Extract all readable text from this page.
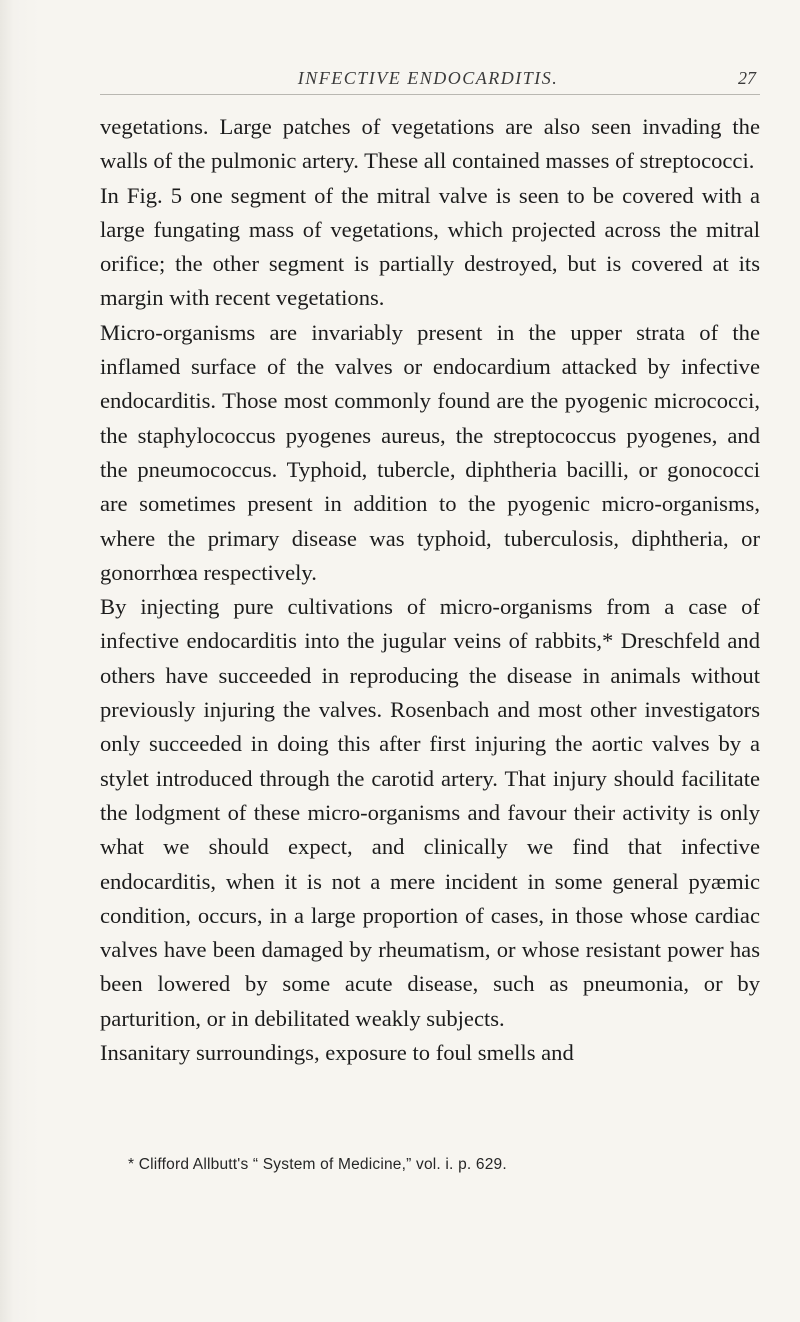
INFECTIVE ENDOCARDITIS.	27

vegetations. Large patches of vegetations are also seen invading the walls of the pulmonic artery. These all contained masses of streptococci.

In Fig. 5 one segment of the mitral valve is seen to be covered with a large fungating mass of vegetations, which projected across the mitral orifice; the other segment is partially destroyed, but is covered at its margin with recent vegetations.

Micro-organisms are invariably present in the upper strata of the inflamed surface of the valves or endocardium attacked by infective endocarditis. Those most commonly found are the pyogenic micrococci, the staphylococcus pyogenes aureus, the streptococcus pyogenes, and the pneumococcus. Typhoid, tubercle, diphtheria bacilli, or gonococci are sometimes present in addition to the pyogenic micro-organisms, where the primary disease was typhoid, tuberculosis, diphtheria, or gonorrhœa respectively.

By injecting pure cultivations of micro-organisms from a case of infective endocarditis into the jugular veins of rabbits,* Dreschfeld and others have succeeded in reproducing the disease in animals without previously injuring the valves. Rosenbach and most other investigators only succeeded in doing this after first injuring the aortic valves by a stylet introduced through the carotid artery. That injury should facilitate the lodgment of these micro-organisms and favour their activity is only what we should expect, and clinically we find that infective endocarditis, when it is not a mere incident in some general pyæmic condition, occurs, in a large proportion of cases, in those whose cardiac valves have been damaged by rheumatism, or whose resistant power has been lowered by some acute disease, such as pneumonia, or by parturition, or in debilitated weakly subjects.

Insanitary surroundings, exposure to foul smells and

* Clifford Allbutt's “ System of Medicine,” vol. i. p. 629.
